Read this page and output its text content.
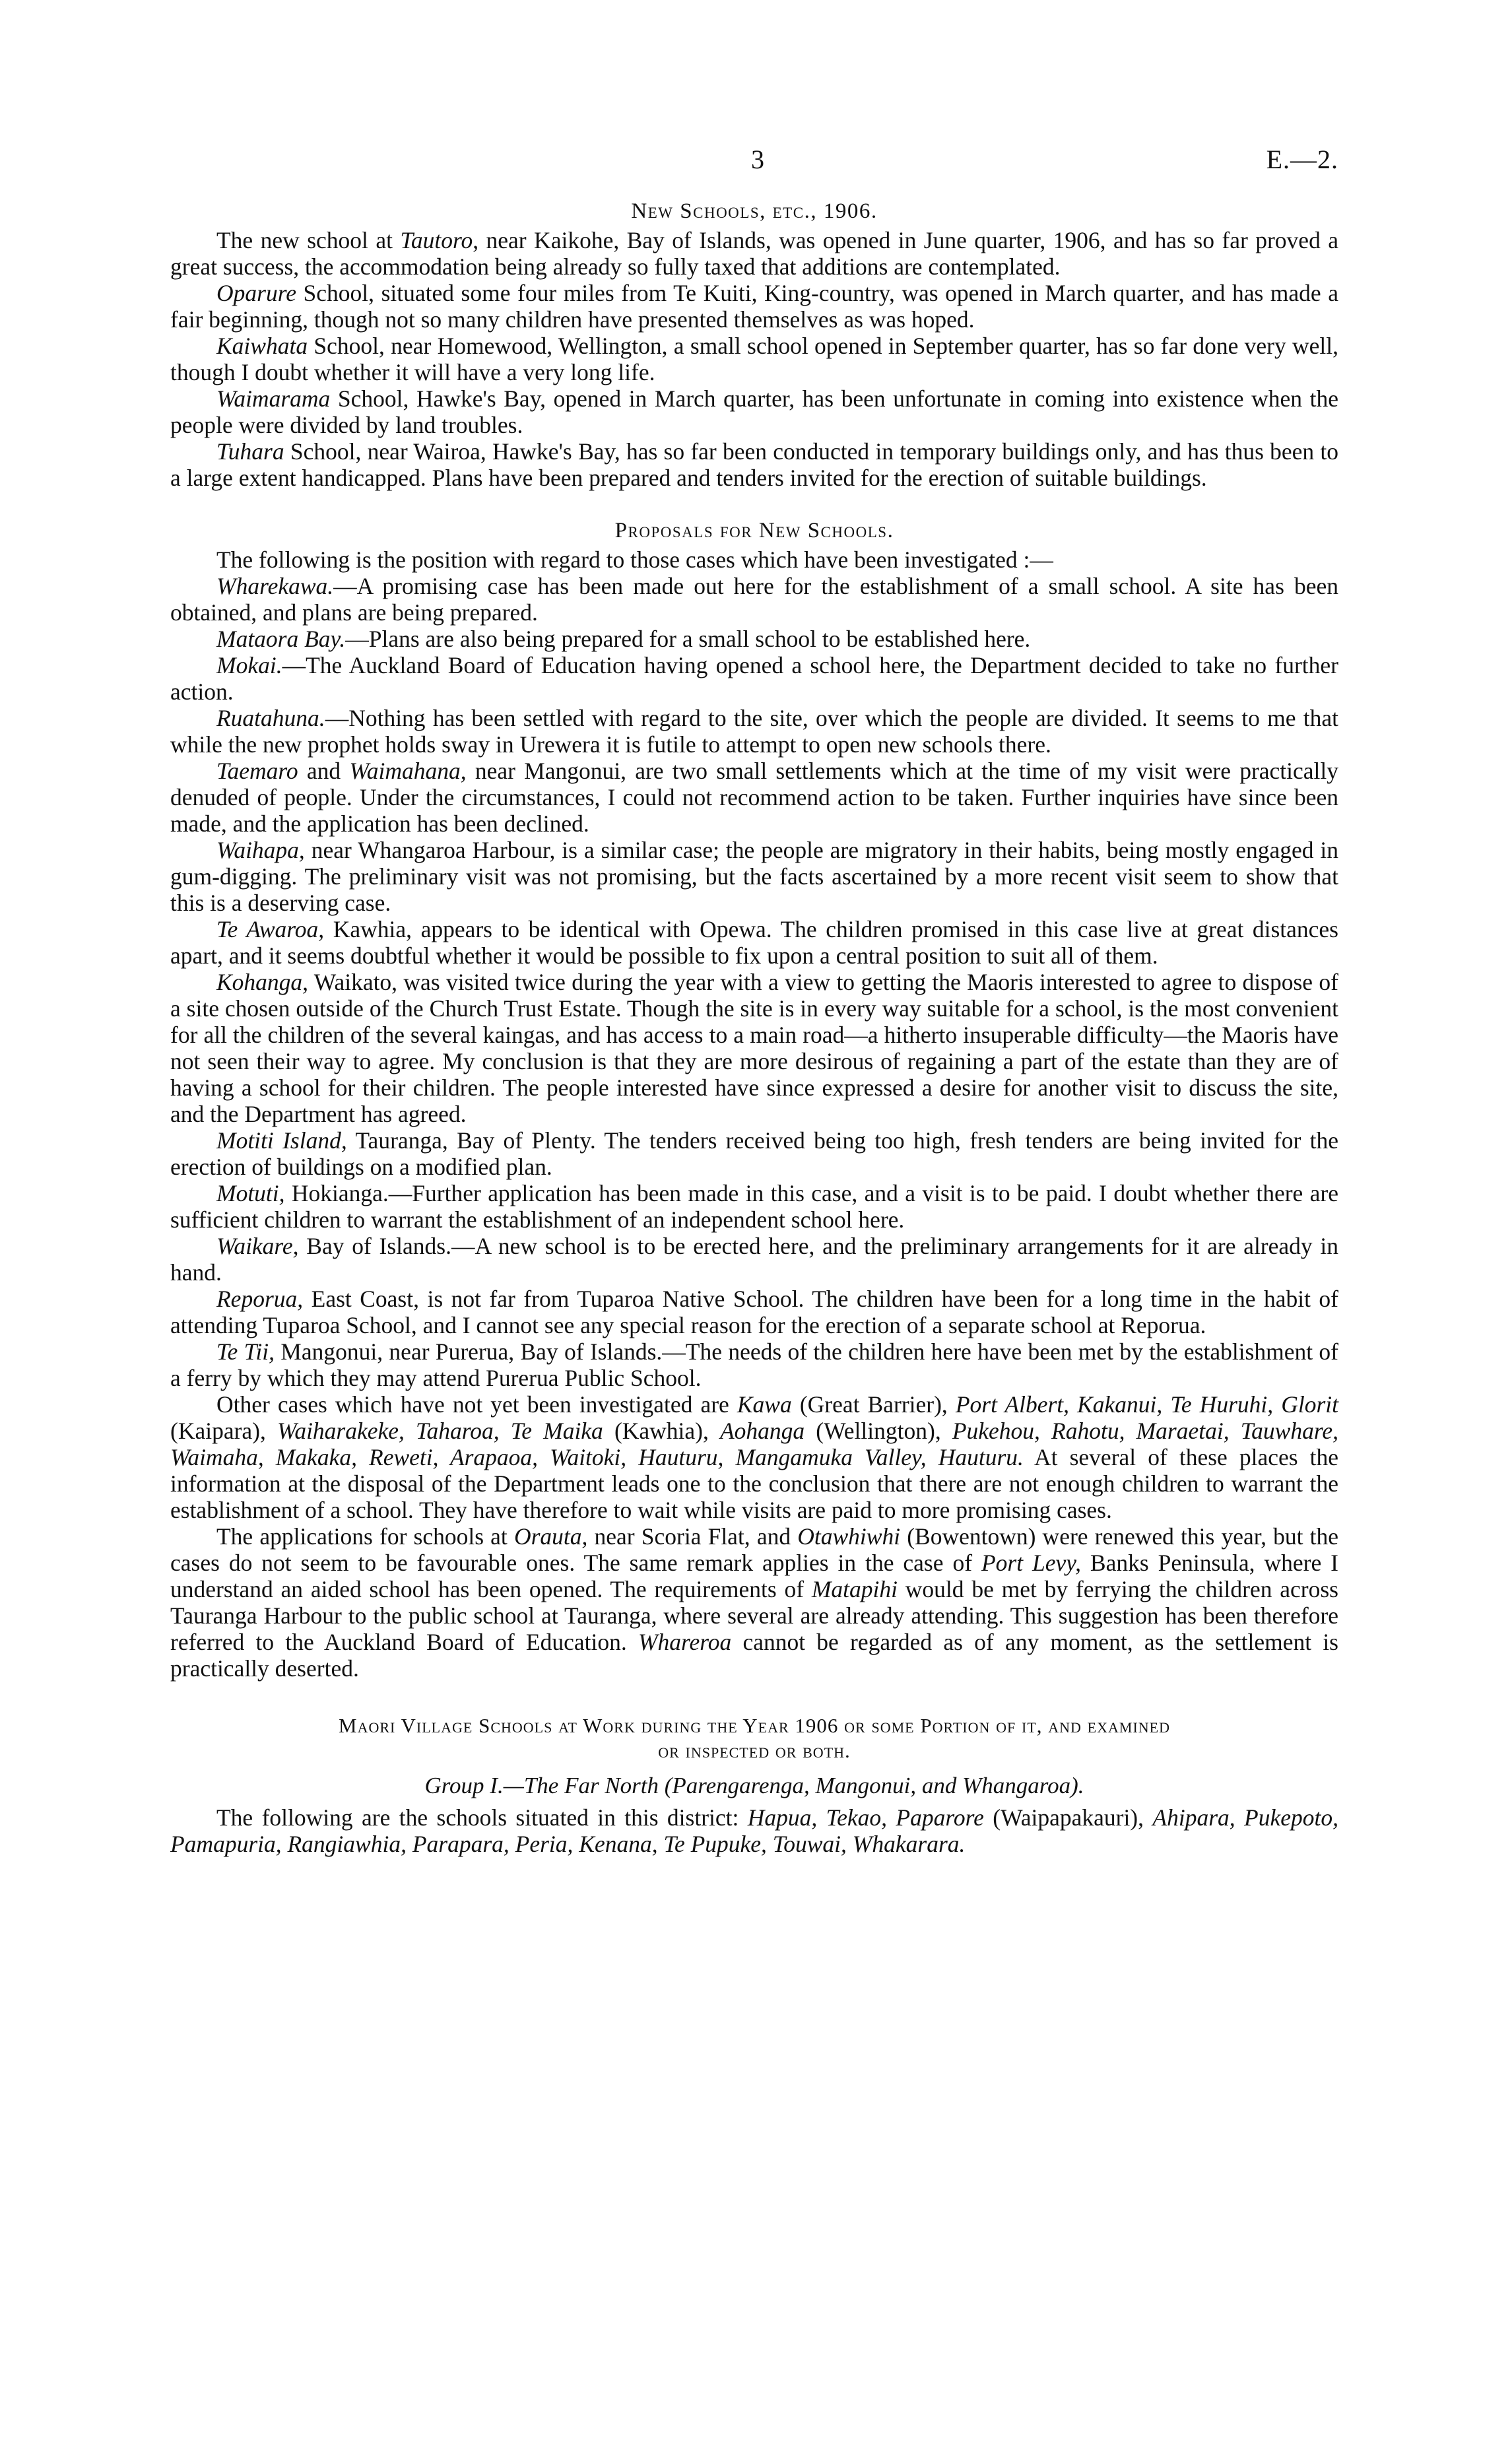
3	E.—2.
New Schools, etc., 1906.

The new school at Tautoro, near Kaikohe, Bay of Islands, was opened in June quarter, 1906, and has so far proved a great success, the accommodation being already so fully taxed that additions are contemplated.

Oparure School, situated some four miles from Te Kuiti, King-country, was opened in March quarter, and has made a fair beginning, though not so many children have presented themselves as was hoped.

Kaiwhata School, near Homewood, Wellington, a small school opened in September quarter, has so far done very well, though I doubt whether it will have a very long life.

Waimarama School, Hawke's Bay, opened in March quarter, has been unfortunate in coming into existence when the people were divided by land troubles.

Tuhara School, near Wairoa, Hawke's Bay, has so far been conducted in temporary buildings only, and has thus been to a large extent handicapped. Plans have been prepared and tenders invited for the erection of suitable buildings.

Proposals for New Schools.

The following is the position with regard to those cases which have been investigated :—

Wharekawa.—A promising case has been made out here for the establishment of a small school. A site has been obtained, and plans are being prepared.

Mataora Bay.—Plans are also being prepared for a small school to be established here.

Mokai.—The Auckland Board of Education having opened a school here, the Department decided to take no further action.

Ruatahuna.—Nothing has been settled with regard to the site, over which the people are divided. It seems to me that while the new prophet holds sway in Urewera it is futile to attempt to open new schools there.

Taemaro and Waimahana, near Mangonui, are two small settlements which at the time of my visit were practically denuded of people. Under the circumstances, I could not recommend action to be taken. Further inquiries have since been made, and the application has been declined.

Waihapa, near Whangaroa Harbour, is a similar case; the people are migratory in their habits, being mostly engaged in gum-digging. The preliminary visit was not promising, but the facts ascertained by a more recent visit seem to show that this is a deserving case.

Te Awaroa, Kawhia, appears to be identical with Opewa. The children promised in this case live at great distances apart, and it seems doubtful whether it would be possible to fix upon a central position to suit all of them.

Kohanga, Waikato, was visited twice during the year with a view to getting the Maoris interested to agree to dispose of a site chosen outside of the Church Trust Estate. Though the site is in every way suitable for a school, is the most convenient for all the children of the several kaingas, and has access to a main road—a hitherto insuperable difficulty—the Maoris have not seen their way to agree. My conclusion is that they are more desirous of regaining a part of the estate than they are of having a school for their children. The people interested have since expressed a desire for another visit to discuss the site, and the Department has agreed.

Motiti Island, Tauranga, Bay of Plenty. The tenders received being too high, fresh tenders are being invited for the erection of buildings on a modified plan.

Motuti, Hokianga.—Further application has been made in this case, and a visit is to be paid. I doubt whether there are sufficient children to warrant the establishment of an independent school here.

Waikare, Bay of Islands.—A new school is to be erected here, and the preliminary arrangements for it are already in hand.

Reporua, East Coast, is not far from Tuparoa Native School. The children have been for a long time in the habit of attending Tuparoa School, and I cannot see any special reason for the erection of a separate school at Reporua.

Te Tii, Mangonui, near Purerua, Bay of Islands.—The needs of the children here have been met by the establishment of a ferry by which they may attend Purerua Public School.

Other cases which have not yet been investigated are Kawa (Great Barrier), Port Albert, Kakanui, Te Huruhi, Glorit (Kaipara), Waiharakeke, Taharoa, Te Maika (Kawhia), Aohanga (Wellington), Pukehou, Rahotu, Maraetai, Tauwhare, Waimaha, Makaka, Reweti, Arapaoa, Waitoki, Hauturu, Mangamuka Valley, Hauturu. At several of these places the information at the disposal of the Department leads one to the conclusion that there are not enough children to warrant the establishment of a school. They have therefore to wait while visits are paid to more promising cases.

The applications for schools at Orauta, near Scoria Flat, and Otawhiwhi (Bowentown) were renewed this year, but the cases do not seem to be favourable ones. The same remark applies in the case of Port Levy, Banks Peninsula, where I understand an aided school has been opened. The requirements of Matapihi would be met by ferrying the children across Tauranga Harbour to the public school at Tauranga, where several are already attending. This suggestion has been therefore referred to the Auckland Board of Education. Whareroa cannot be regarded as of any moment, as the settlement is practically deserted.

Maori Village Schools at Work during the Year 1906 or some Portion of it, and examined
or inspected or both.
Group I.—The Far North (Parengarenga, Mangonui, and Whangaroa).

The following are the schools situated in this district: Hapua, Tekao, Paparore (Waipapakauri), Ahipara, Pukepoto, Pamapuria, Rangiawhia, Parapara, Peria, Kenana, Te Pupuke, Touwai, Whakarara.
